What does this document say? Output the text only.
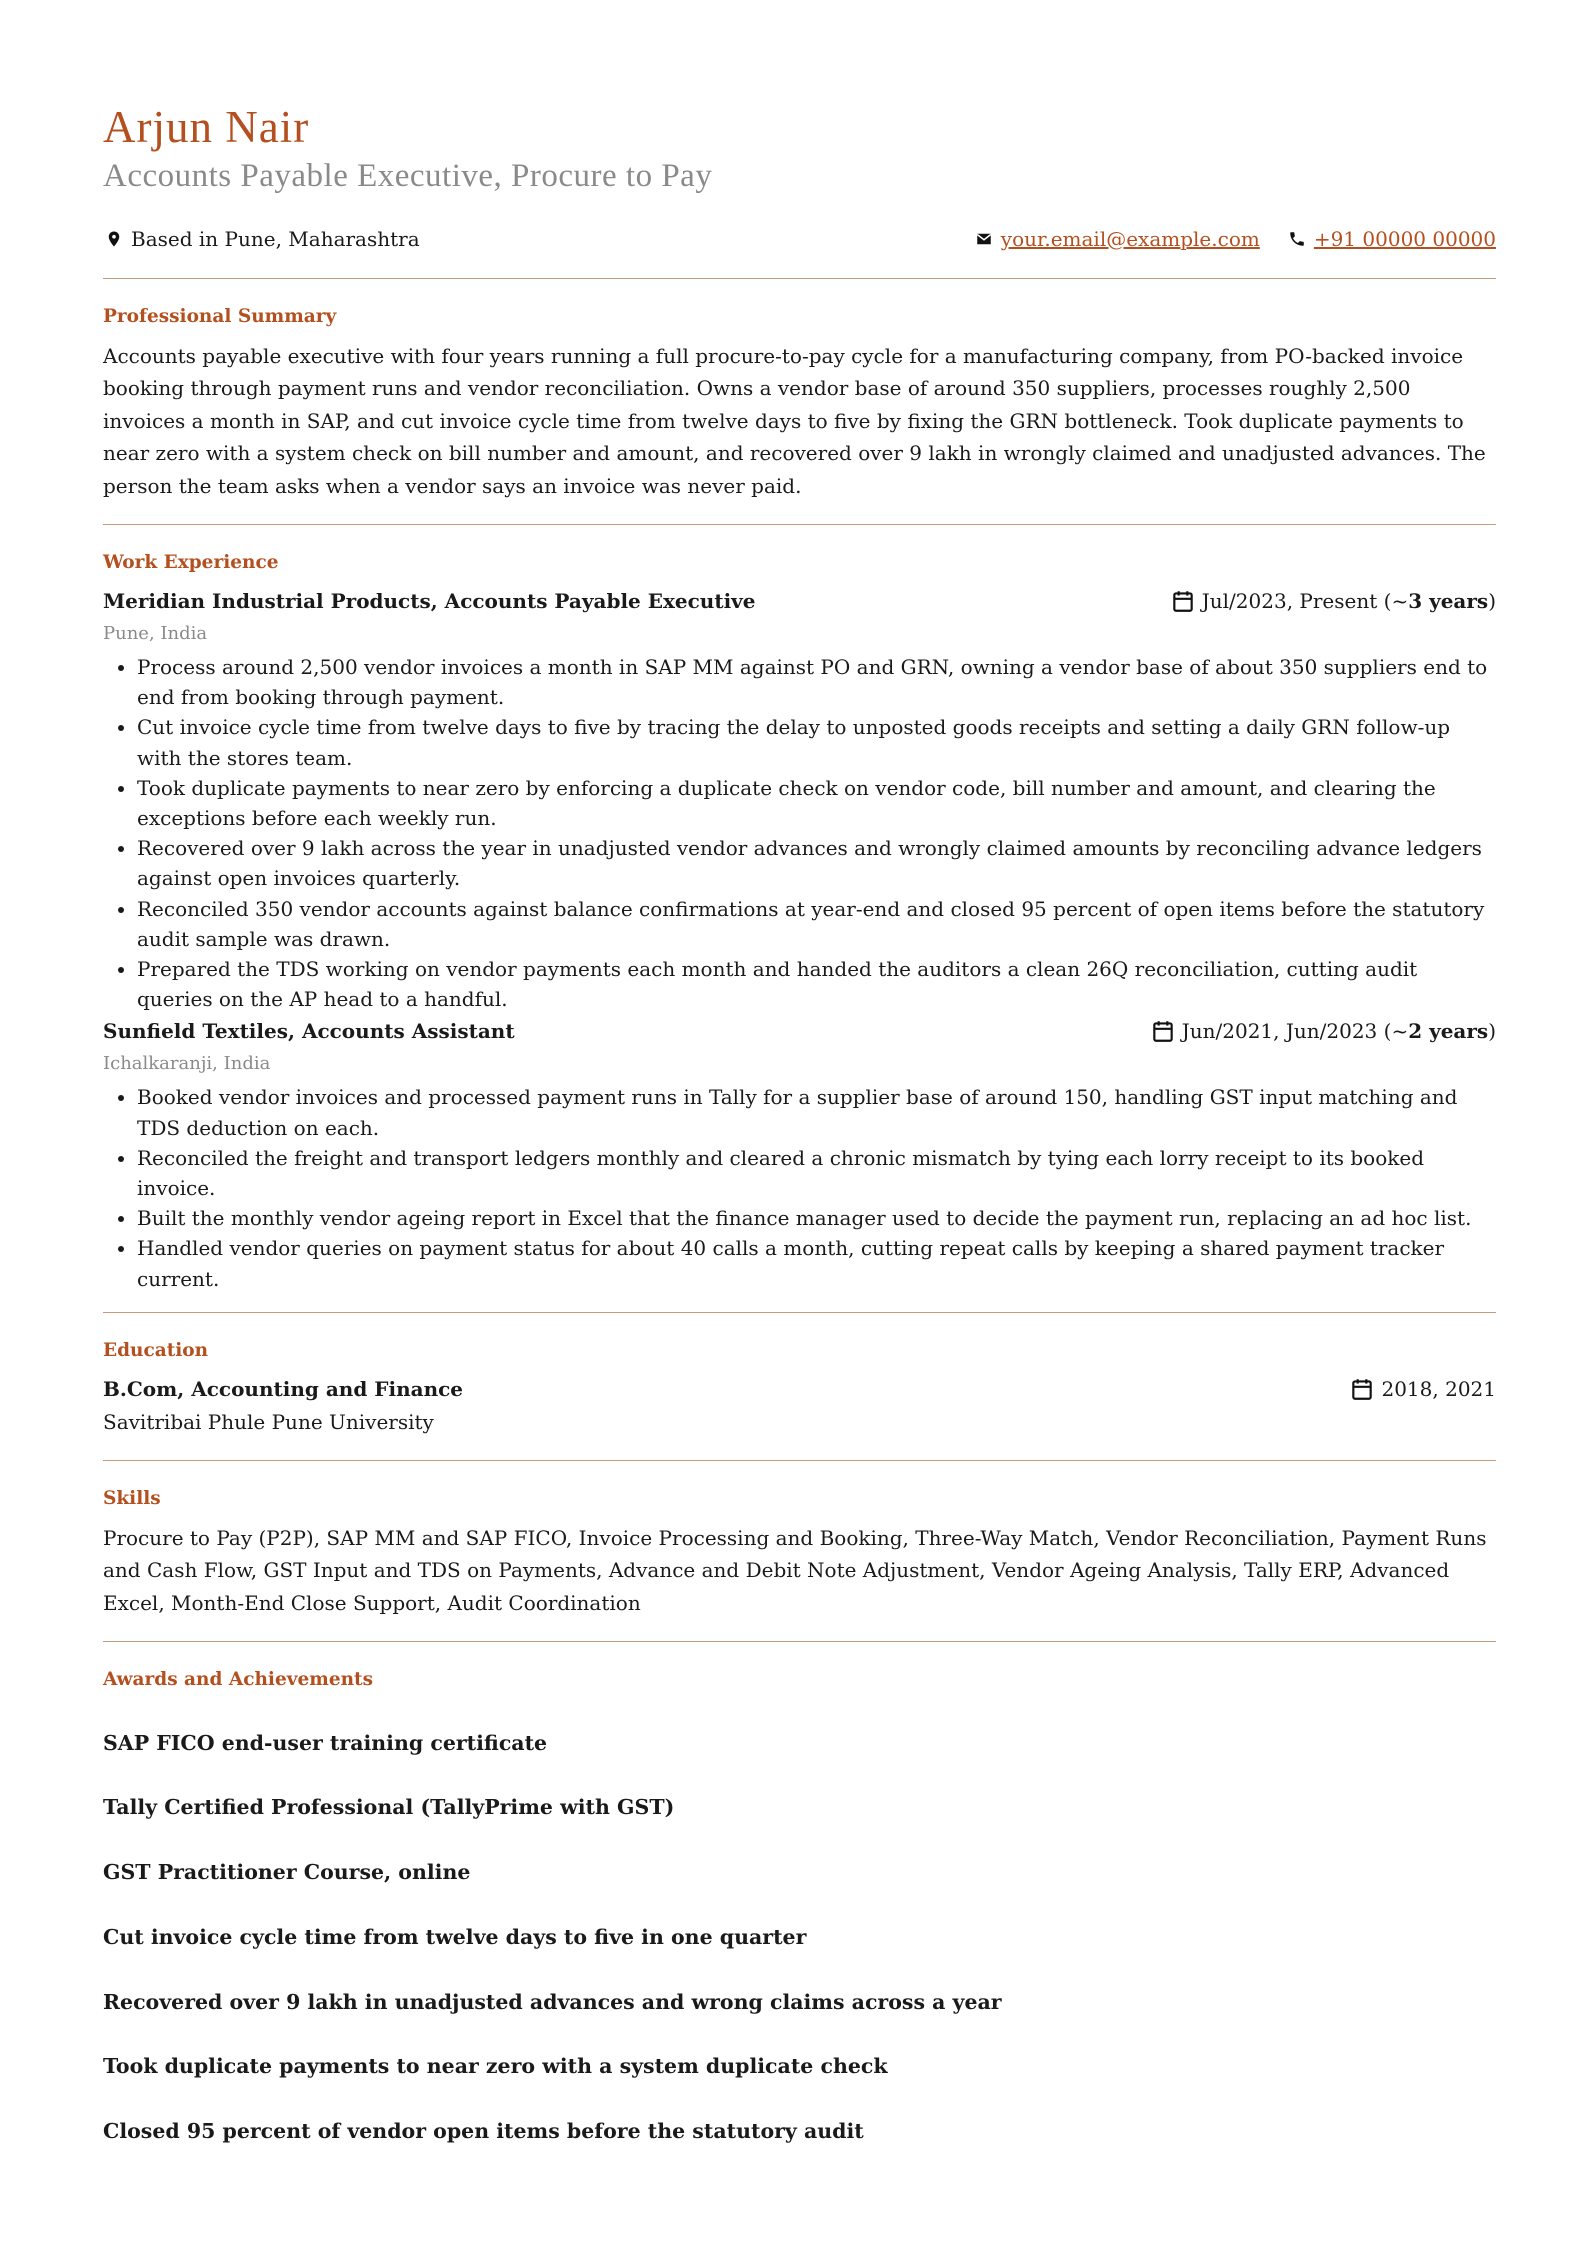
Arjun Nair
Accounts Payable Executive, Procure to Pay
Based in Pune, Maharashtra	your.email@example.com	+91 00000 00000
Professional Summary
Accounts payable executive with four years running a full procure-to-pay cycle for a manufacturing company, from PO-backed invoice booking through payment runs and vendor reconciliation. Owns a vendor base of around 350 suppliers, processes roughly 2,500 invoices a month in SAP, and cut invoice cycle time from twelve days to five by fixing the GRN bottleneck. Took duplicate payments to near zero with a system check on bill number and amount, and recovered over 9 lakh in wrongly claimed and unadjusted advances. The person the team asks when a vendor says an invoice was never paid.
Work Experience
Meridian Industrial Products, Accounts Payable Executive	Jul/2023, Present (~ 3 years )
Pune, India
• Process around 2,500 vendor invoices a month in SAP MM against PO and GRN, owning a vendor base of about 350 suppliers end to end from booking through payment.
• Cut invoice cycle time from twelve days to five by tracing the delay to unposted goods receipts and setting a daily GRN follow-up with the stores team.
• Took duplicate payments to near zero by enforcing a duplicate check on vendor code, bill number and amount, and clearing the exceptions before each weekly run.
• Recovered over 9 lakh across the year in unadjusted vendor advances and wrongly claimed amounts by reconciling advance ledgers against open invoices quarterly.
• Reconciled 350 vendor accounts against balance confirmations at year-end and closed 95 percent of open items before the statutory audit sample was drawn.
• Prepared the TDS working on vendor payments each month and handed the auditors a clean 26Q reconciliation, cutting audit queries on the AP head to a handful.
Sunfield Textiles, Accounts Assistant	Jun/2021, Jun/2023 (~ 2 years )
Ichalkaranji, India
• Booked vendor invoices and processed payment runs in Tally for a supplier base of around 150, handling GST input matching and TDS deduction on each.
• Reconciled the freight and transport ledgers monthly and cleared a chronic mismatch by tying each lorry receipt to its booked invoice.
• Built the monthly vendor ageing report in Excel that the finance manager used to decide the payment run, replacing an ad hoc list.
• Handled vendor queries on payment status for about 40 calls a month, cutting repeat calls by keeping a shared payment tracker current.
Education
B.Com, Accounting and Finance	2018, 2021
Savitribai Phule Pune University
Skills
Procure to Pay (P2P), SAP MM and SAP FICO, Invoice Processing and Booking, Three-Way Match, Vendor Reconciliation, Payment Runs and Cash Flow, GST Input and TDS on Payments, Advance and Debit Note Adjustment, Vendor Ageing Analysis, Tally ERP, Advanced Excel, Month-End Close Support, Audit Coordination
Awards and Achievements
SAP FICO end-user training certificate
Tally Certified Professional (TallyPrime with GST)
GST Practitioner Course, online
Cut invoice cycle time from twelve days to five in one quarter
Recovered over 9 lakh in unadjusted advances and wrong claims across a year
Took duplicate payments to near zero with a system duplicate check
Closed 95 percent of vendor open items before the statutory audit
